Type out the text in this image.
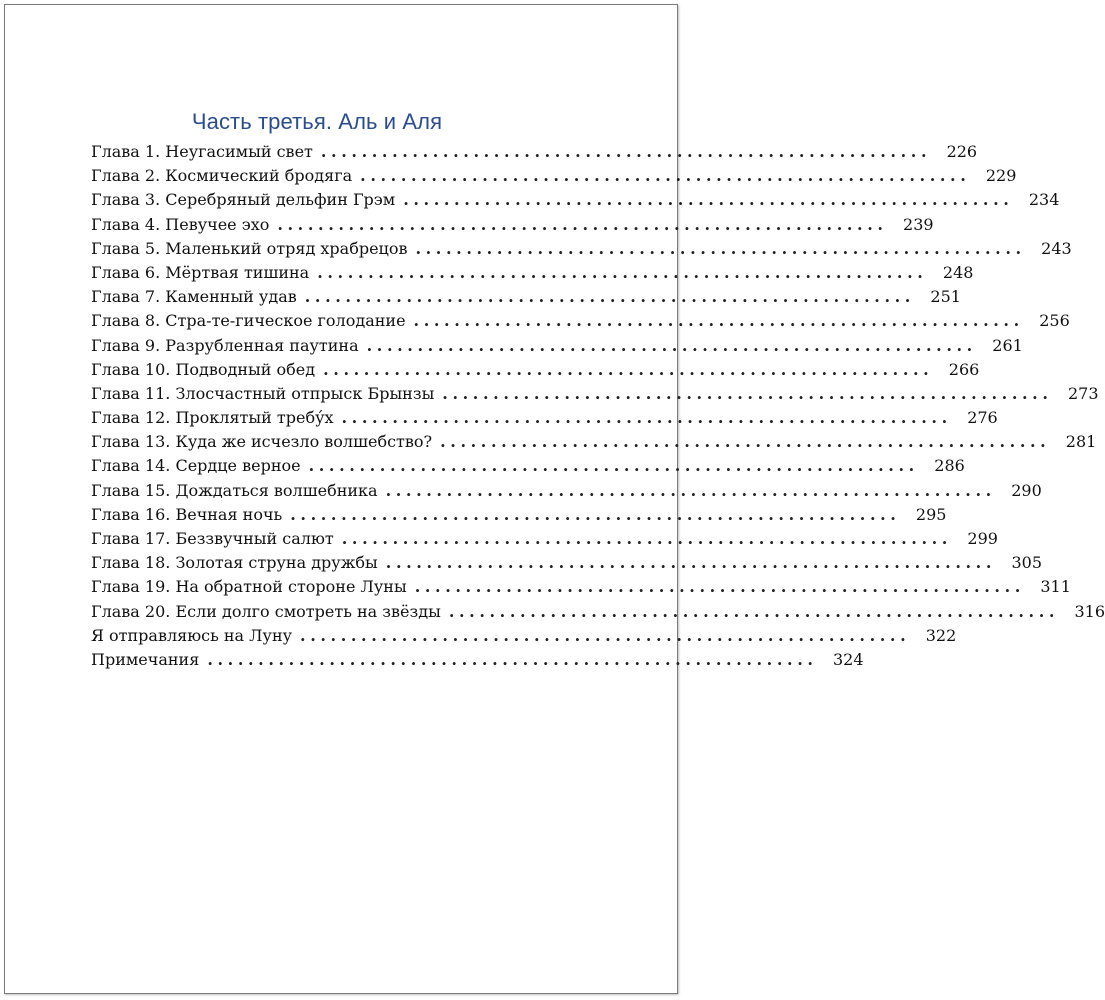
Часть третья. Аль и Аля
Глава 1. Неугасимый свет ............................................................ 226
Глава 2. Космический бродяга ............................................................ 229
Глава 3. Серебряный дельфин Грэм ............................................................ 234
Глава 4. Певучее эхо ............................................................ 239
Глава 5. Маленький отряд храбрецов ............................................................ 243
Глава 6. Мёртвая тишина ............................................................ 248
Глава 7. Каменный удав ............................................................ 251
Глава 8. Стра-те-гическое голодание ............................................................ 256
Глава 9. Разрубленная паутина ............................................................ 261
Глава 10. Подводный обед ............................................................ 266
Глава 11. Злосчастный отпрыск Брынзы ............................................................ 273
Глава 12. Проклятый требу́х ............................................................ 276
Глава 13. Куда же исчезло волшебство? ............................................................ 281
Глава 14. Сердце верное ............................................................ 286
Глава 15. Дождаться волшебника ............................................................ 290
Глава 16. Вечная ночь ............................................................ 295
Глава 17. Беззвучный салют ............................................................ 299
Глава 18. Золотая струна дружбы ............................................................ 305
Глава 19. На обратной стороне Луны ............................................................ 311
Глава 20. Если долго смотреть на звёзды ............................................................ 316
Я отправляюсь на Луну ............................................................ 322
Примечания ............................................................ 324
